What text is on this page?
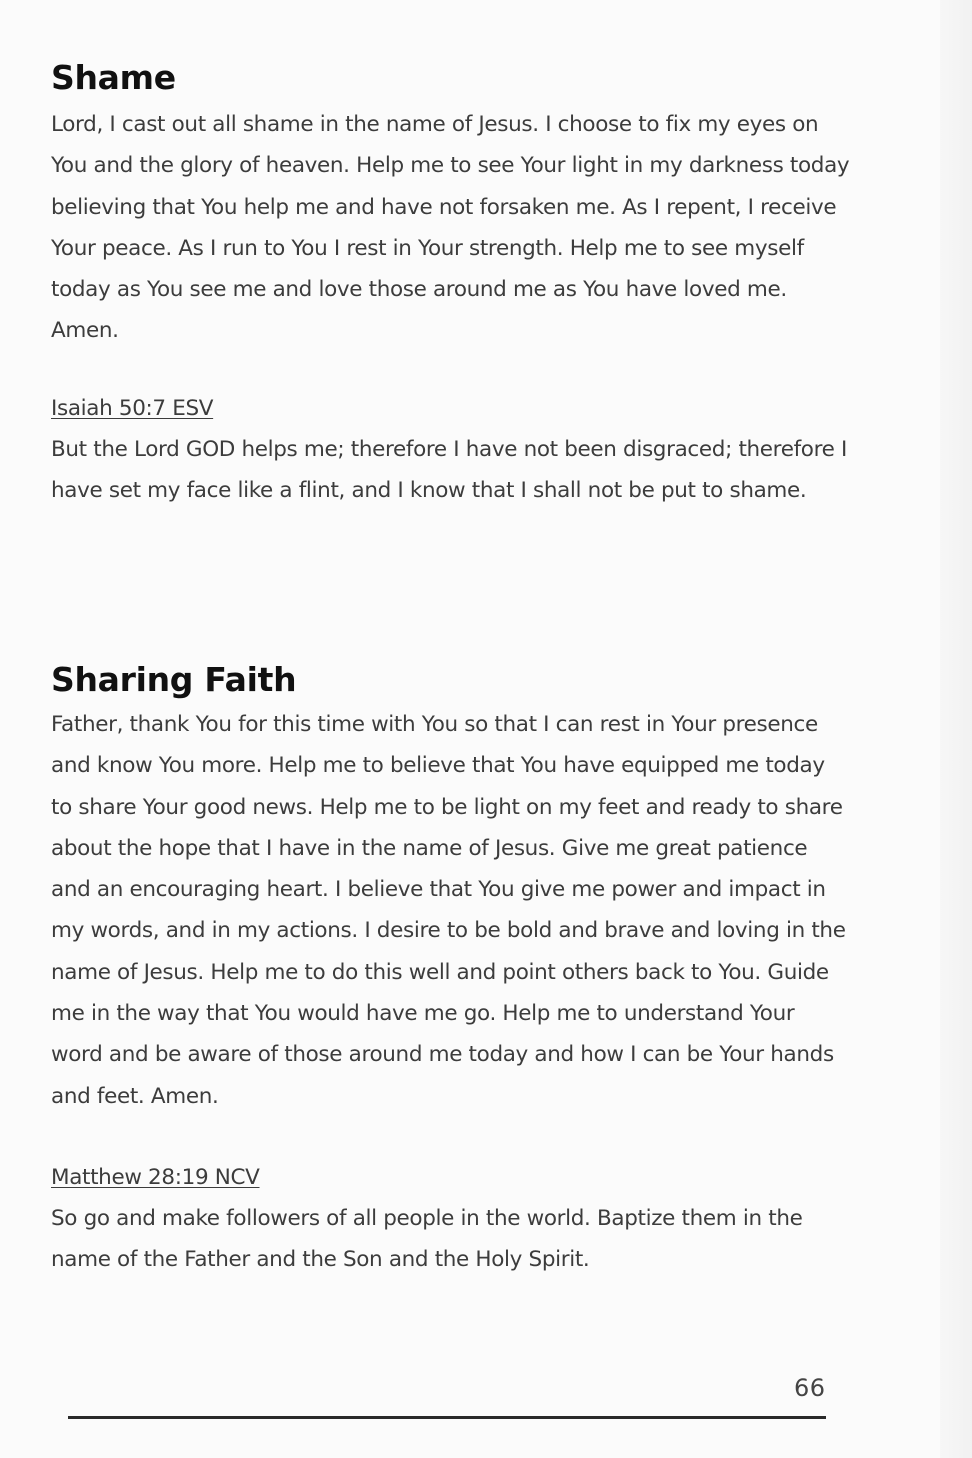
Shame

Lord, I cast out all shame in the name of Jesus. I choose to fix my eyes on You and the glory of heaven. Help me to see Your light in my darkness today believing that You help me and have not forsaken me. As I repent, I receive Your peace. As I run to You I rest in Your strength. Help me to see myself today as You see me and love those around me as You have loved me. Amen.

Isaiah 50:7 ESV

But the Lord GOD helps me; therefore I have not been disgraced; therefore I have set my face like a flint, and I know that I shall not be put to shame.

Sharing Faith

Father, thank You for this time with You so that I can rest in Your presence and know You more. Help me to believe that You have equipped me today to share Your good news. Help me to be light on my feet and ready to share about the hope that I have in the name of Jesus. Give me great patience and an encouraging heart. I believe that You give me power and impact in my words, and in my actions. I desire to be bold and brave and loving in the name of Jesus. Help me to do this well and point others back to You. Guide me in the way that You would have me go. Help me to understand Your word and be aware of those around me today and how I can be Your hands and feet. Amen.

Matthew 28:19 NCV

So go and make followers of all people in the world. Baptize them in the name of the Father and the Son and the Holy Spirit.

66
